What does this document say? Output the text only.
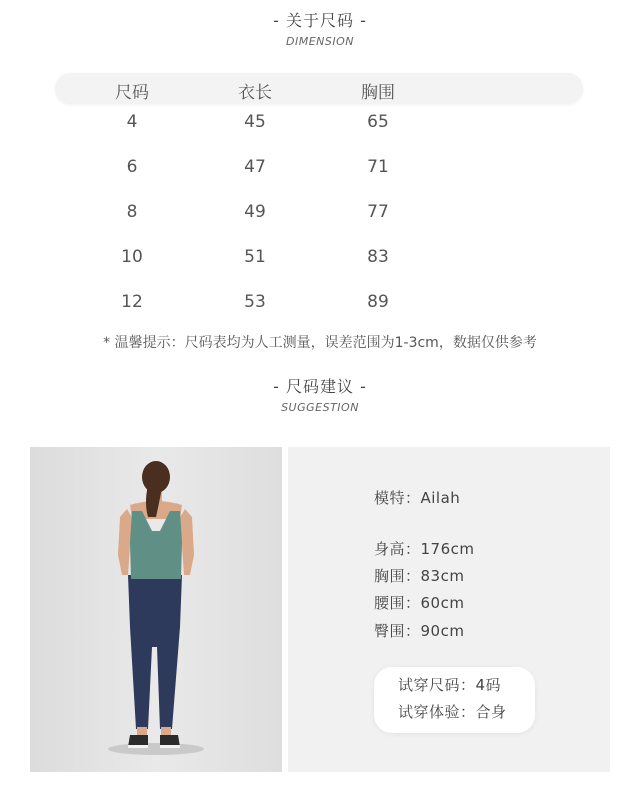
- 关于尺码 -
DIMENSION
尺码	衣长	胸围
4	45	65
6	47	71
8	49	77
10	51	83
12	53	89
* 温馨提示：尺码表均为人工测量，误差范围为1-3cm，数据仅供参考
- 尺码建议 -
SUGGESTION
模特：Ailah
身高：176cm
胸围：83cm
腰围：60cm
臀围：90cm
试穿尺码：4码
试穿体验：合身
